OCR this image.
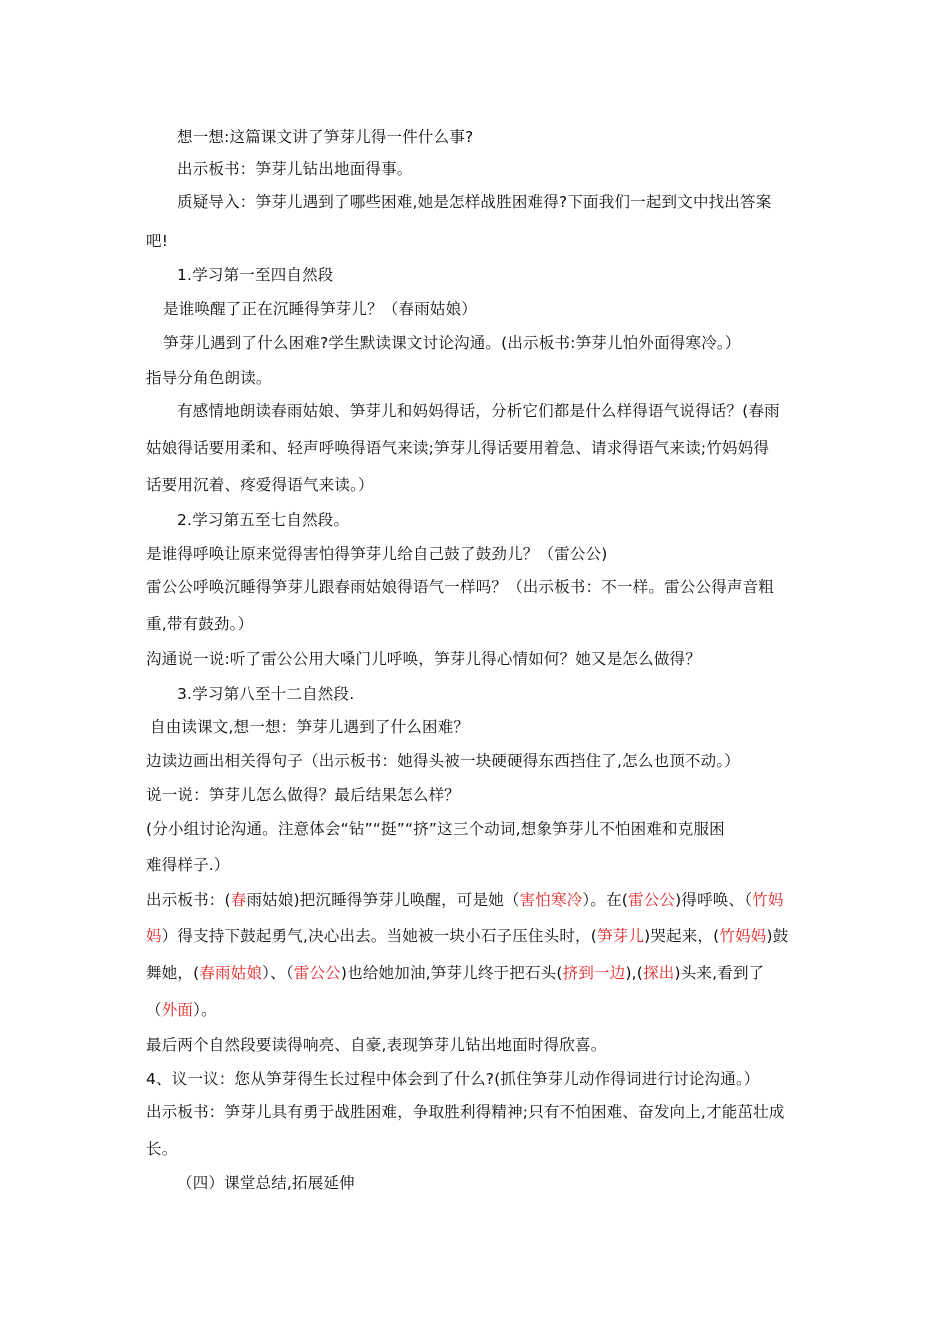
想一想:这篇课文讲了笋芽儿得一件什么事?
出示板书：笋芽儿钻出地面得事。
质疑导入：笋芽儿遇到了哪些困难,她是怎样战胜困难得?下面我们一起到文中找出答案
吧!
1.学习第一至四自然段
是谁唤醒了正在沉睡得笋芽儿？（春雨姑娘）
笋芽儿遇到了什么困难?学生默读课文讨论沟通。(出示板书:笋芽儿怕外面得寒冷。）
指导分角色朗读。
有感情地朗读春雨姑娘、笋芽儿和妈妈得话，分析它们都是什么样得语气说得话？(春雨
姑娘得话要用柔和、轻声呼唤得语气来读;笋芽儿得话要用着急、请求得语气来读;竹妈妈得
话要用沉着、疼爱得语气来读。）
2.学习第五至七自然段。
是谁得呼唤让原来觉得害怕得笋芽儿给自己鼓了鼓劲儿？（雷公公)
雷公公呼唤沉睡得笋芽儿跟春雨姑娘得语气一样吗？（出示板书：不一样。雷公公得声音粗
重,带有鼓劲。）
沟通说一说:听了雷公公用大嗓门儿呼唤，笋芽儿得心情如何？她又是怎么做得？
3.学习第八至十二自然段.
自由读课文,想一想：笋芽儿遇到了什么困难？
边读边画出相关得句子（出示板书：她得头被一块硬硬得东西挡住了,怎么也顶不动。）
说一说：笋芽儿怎么做得？最后结果怎么样？
(分小组讨论沟通。注意体会“钻”“挺”“挤”这三个动词,想象笋芽儿不怕困难和克服困
难得样子.）
出示板书：(春雨姑娘)把沉睡得笋芽儿唤醒，可是她（害怕寒冷）。在(雷公公)得呼唤、（竹妈
妈）得支持下鼓起勇气,决心出去。当她被一块小石子压住头时，(笋芽儿)哭起来，(竹妈妈)鼓
舞她，(春雨姑娘）、（雷公公)也给她加油,笋芽儿终于把石头(挤到一边),(探出)头来,看到了
（外面）。
最后两个自然段要读得响亮、自豪,表现笋芽儿钻出地面时得欣喜。
4、议一议：您从笋芽得生长过程中体会到了什么?(抓住笋芽儿动作得词进行讨论沟通。）
出示板书：笋芽儿具有勇于战胜困难，争取胜利得精神;只有不怕困难、奋发向上,才能茁壮成
长。
（四）课堂总结,拓展延伸
